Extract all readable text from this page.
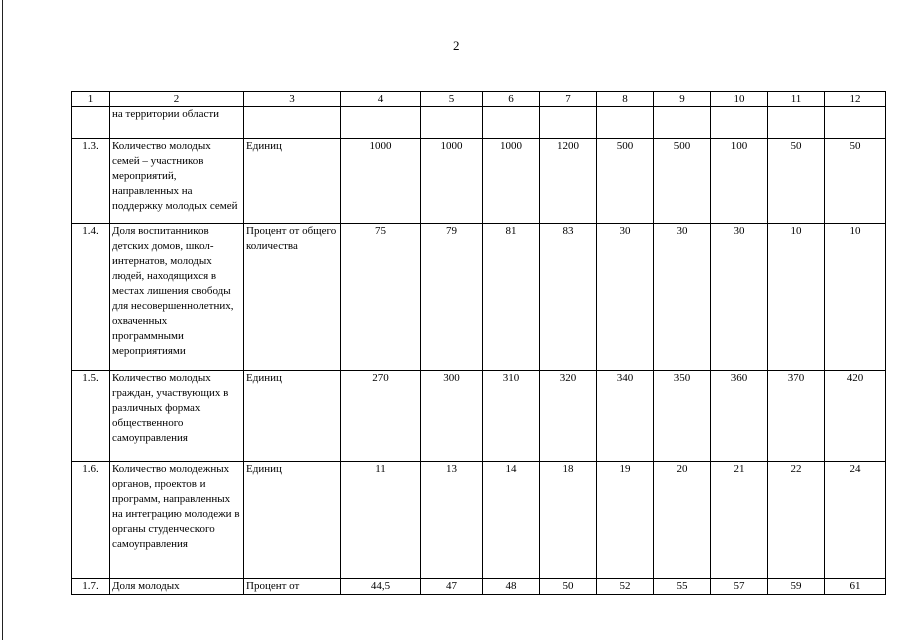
2
1	2	3	4	5	6	7	8	9	10	11	12
	на территории области										
1.3.	Количество молодых семей – участников мероприятий, направленных на поддержку молодых семей	Единиц	1000	1000	1000	1200	500	500	100	50	50
1.4.	Доля воспитанников детских домов, школ-интернатов, молодых людей, находящихся в местах лишения свободы для несовершеннолетних, охваченных программными мероприятиями	Процент от общего количества	75	79	81	83	30	30	30	10	10
1.5.	Количество молодых граждан, участвующих в различных формах общественного самоуправления	Единиц	270	300	310	320	340	350	360	370	420
1.6.	Количество молодежных органов, проектов и программ, направленных на интеграцию молодежи в органы студенческого самоуправления	Единиц	11	13	14	18	19	20	21	22	24
1.7.	Доля молодых	Процент от	44,5	47	48	50	52	55	57	59	61
